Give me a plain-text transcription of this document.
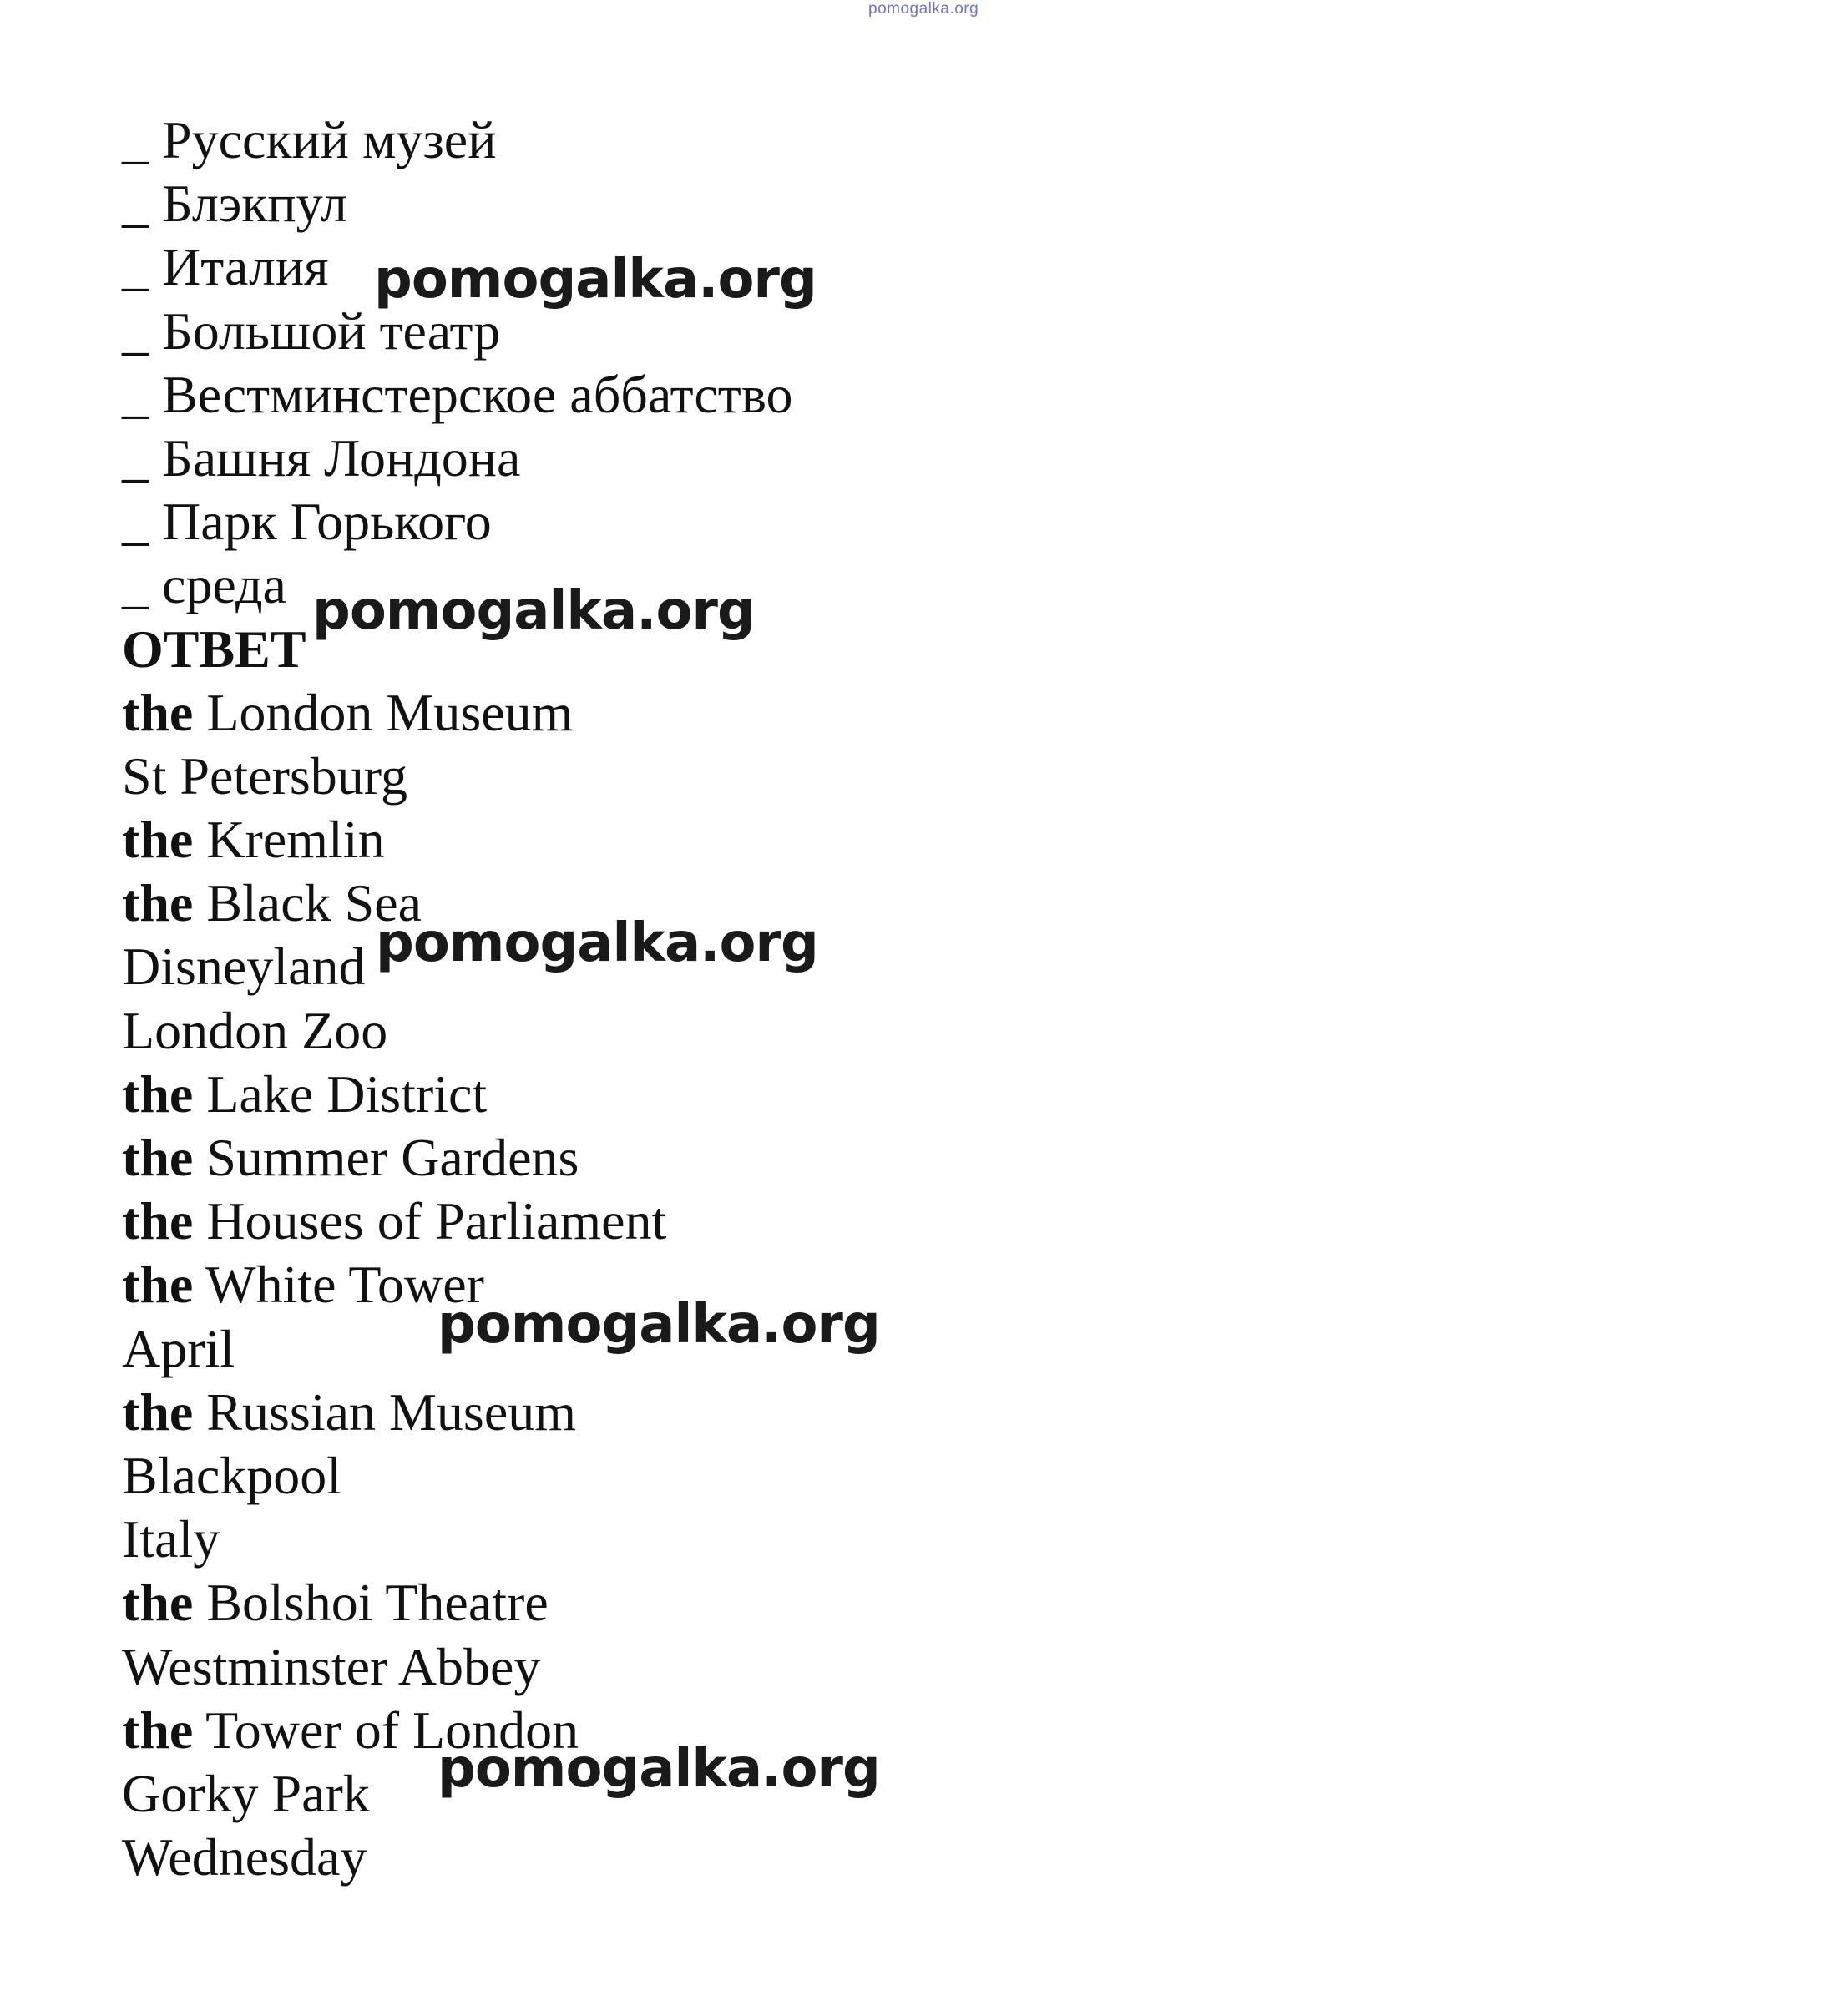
pomogalka.org
_ Русский музей
_ Блэкпул
_ Италия
_ Большой театр
_ Вестминстерское аббатство
_ Башня Лондона
_ Парк Горького
_ среда
ОТВЕТ
the London Museum
St Petersburg
the Kremlin
the Black Sea
Disneyland
London Zoo
the Lake District
the Summer Gardens
the Houses of Parliament
the White Tower
April
the Russian Museum
Blackpool
Italy
the Bolshoi Theatre
Westminster Abbey
the Tower of London
Gorky Park
Wednesday
pomogalka.org
pomogalka.org
pomogalka.org
pomogalka.org
pomogalka.org
